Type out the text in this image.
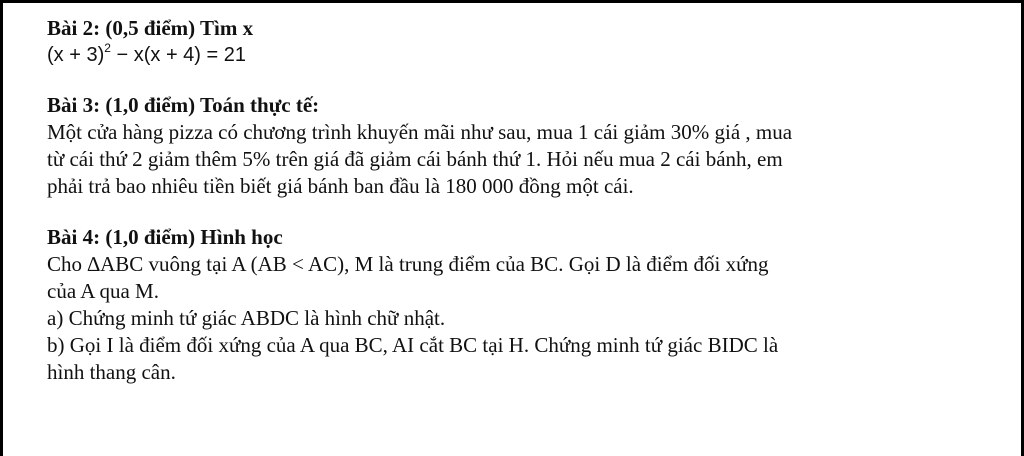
Bài 2: (0,5 điểm) Tìm x

$(x + 3)^2 - x(x + 4) = 21$

Bài 3: (1,0 điểm) Toán thực tế:

Một cửa hàng pizza có chương trình khuyến mãi như sau, mua 1 cái giảm 30% giá , mua

từ cái thứ 2 giảm thêm 5% trên giá đã giảm cái bánh thứ 1. Hỏi nếu mua 2 cái bánh, em

phải trả bao nhiêu tiền biết giá bánh ban đầu là 180 000 đồng một cái.

Bài 4: (1,0 điểm) Hình học

Cho ∆ABC vuông tại A (AB < AC), M là trung điểm của BC. Gọi D là điểm đối xứng

của A qua M.

a) Chứng minh tứ giác ABDC là hình chữ nhật.

b) Gọi I là điểm đối xứng của A qua BC, AI cắt BC tại H. Chứng minh tứ giác BIDC là

hình thang cân.
